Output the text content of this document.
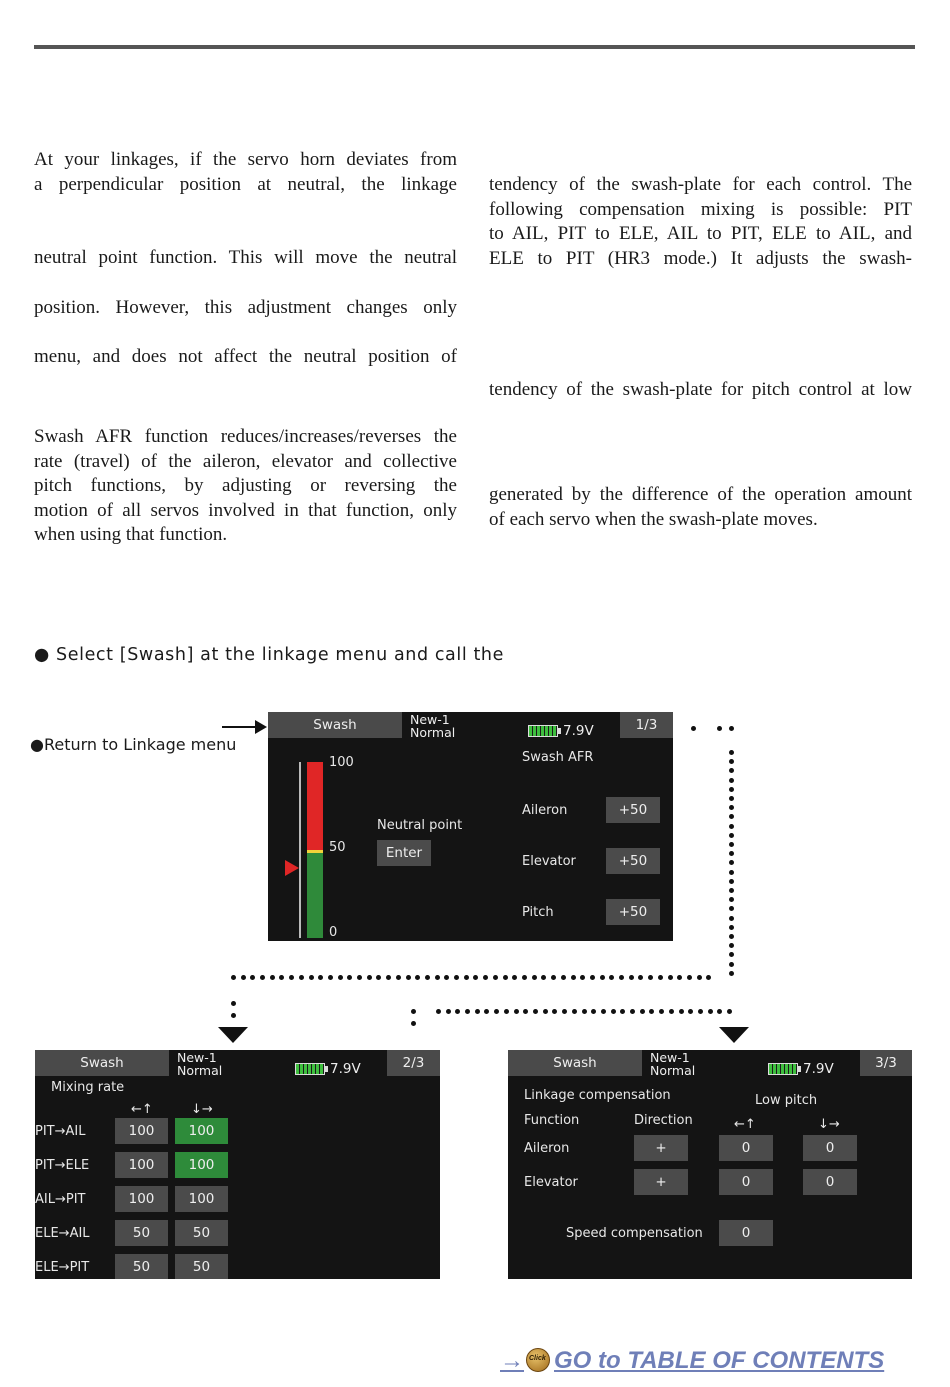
At your linkages, if the servo horn deviates from
a perpendicular position at neutral, the linkage

neutral point function. This will move the neutral

position. However, this adjustment changes only

menu, and does not affect the neutral position of

Swash AFR function reduces/increases/reverses the
rate (travel) of the aileron, elevator and collective
pitch functions, by adjusting or reversing the
motion of all servos involved in that function, only
when using that function.

tendency of the swash-plate for each control. The
following compensation mixing is possible: PIT
to AIL, PIT to ELE, AIL to PIT, ELE to AIL, and
ELE to PIT (HR3 mode.) It adjusts the swash-

tendency of the swash-plate for pitch control at low

generated by the difference of the operation amount
of each servo when the swash-plate moves.

● Select [Swash] at the linkage menu and call the
●Return to Linkage menu
Swash	New-1
Normal	7.9V	1/3
100
50
0
Neutral point
Enter
Swash AFR
Aileron	+50
Elevator	+50
Pitch	+50
Swash	New-1
Normal	7.9V	2/3
Mixing rate
←↑	↓→
PIT→AIL	100	100
PIT→ELE	100	100
AIL→PIT	100	100
ELE→AIL	50	50
ELE→PIT	50	50
Swash	New-1
Normal	7.9V	3/3
Linkage compensation	Low pitch
Function	Direction	←↑	↓→
Aileron	+	0	0
Elevator	+	0	0
Speed compensation	0
→ Click GO to TABLE OF CONTENTS
